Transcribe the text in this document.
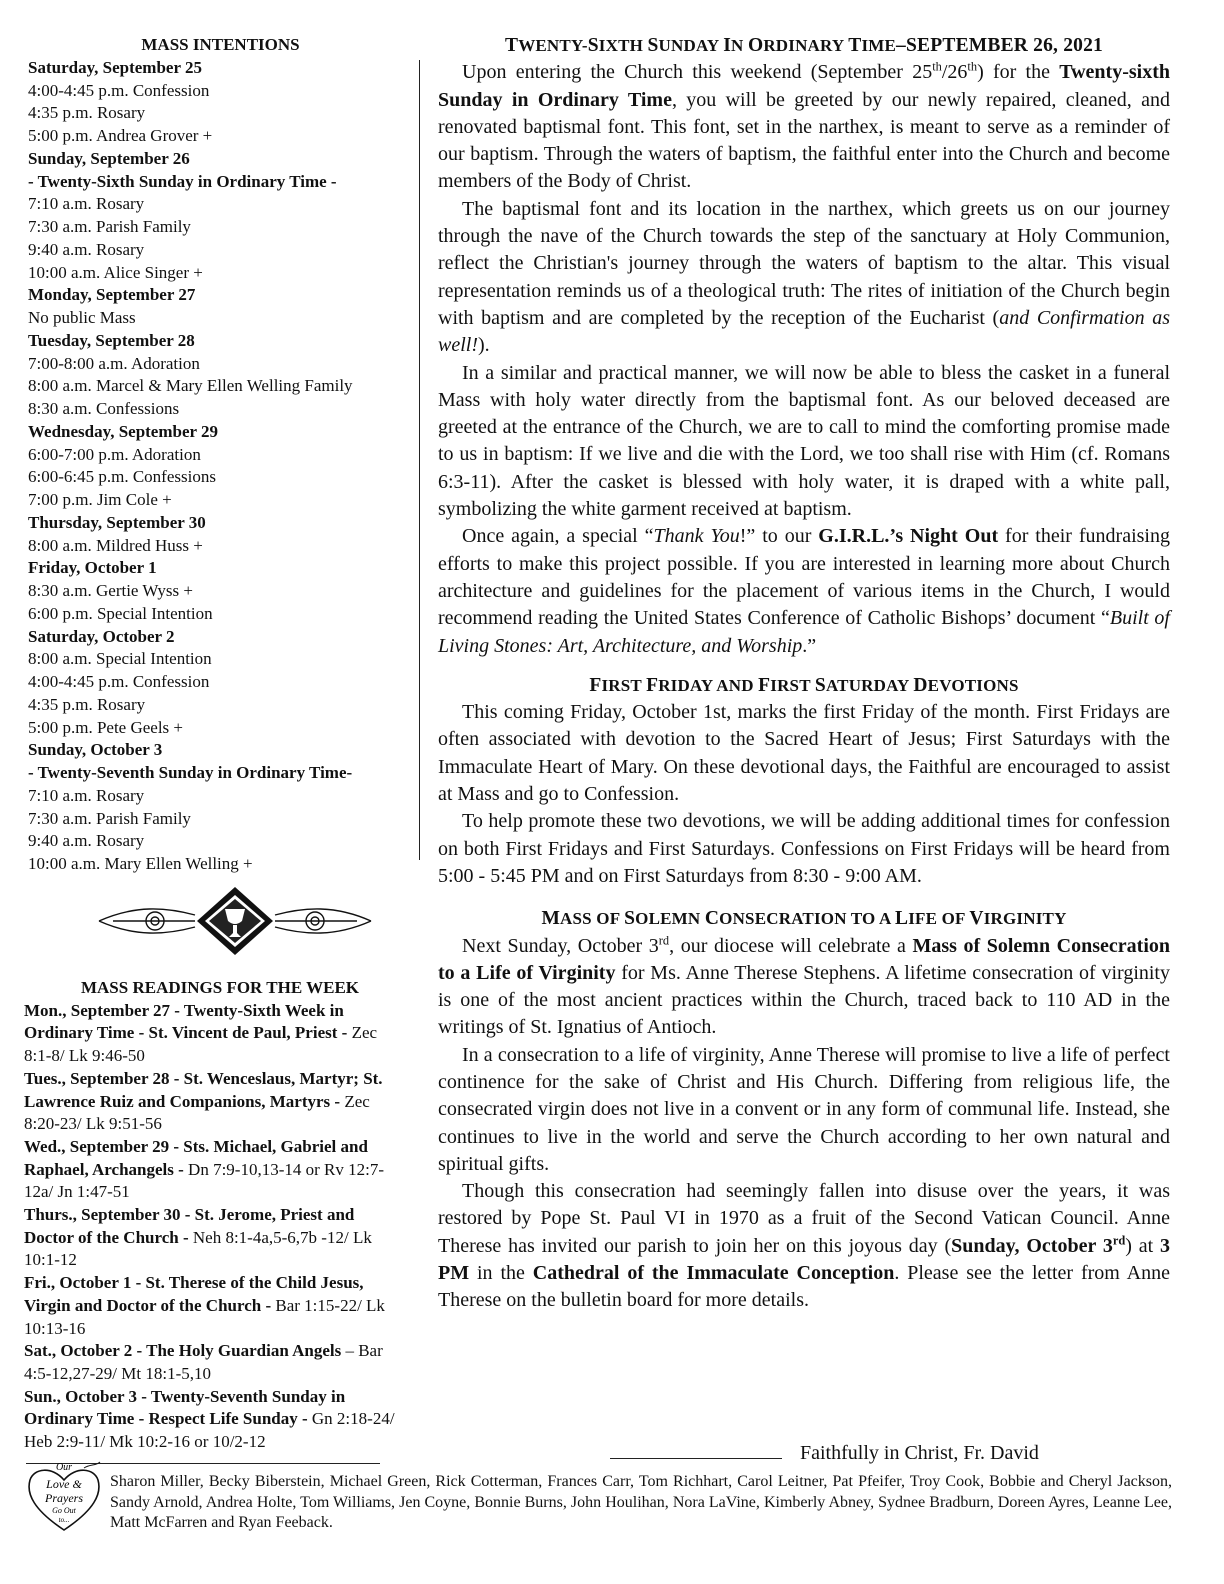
MASS INTENTIONS
Saturday, September 25
4:00-4:45 p.m. Confession
4:35 p.m. Rosary
5:00 p.m. Andrea Grover +
Sunday, September 26
- Twenty-Sixth Sunday in Ordinary Time -
7:10 a.m. Rosary
7:30 a.m. Parish Family
9:40 a.m. Rosary
10:00 a.m. Alice Singer +
Monday, September 27
No public Mass
Tuesday, September 28
7:00-8:00 a.m. Adoration
8:00 a.m. Marcel & Mary Ellen Welling Family
8:30 a.m. Confessions
Wednesday, September 29
6:00-7:00 p.m. Adoration
6:00-6:45 p.m. Confessions
7:00 p.m. Jim Cole +
Thursday, September 30
8:00 a.m. Mildred Huss +
Friday, October 1
8:30 a.m. Gertie Wyss +
6:00 p.m. Special Intention
Saturday, October 2
8:00 a.m. Special Intention
4:00-4:45 p.m. Confession
4:35 p.m. Rosary
5:00 p.m. Pete Geels +
Sunday, October 3
- Twenty-Seventh Sunday in Ordinary Time-
7:10 a.m. Rosary
7:30 a.m. Parish Family
9:40 a.m. Rosary
10:00 a.m. Mary Ellen Welling +
MASS READINGS FOR THE WEEK

Mon., September 27 - Twenty-Sixth Week in Ordinary Time - St. Vincent de Paul, Priest - Zec 8:1-8/ Lk 9:46-50

Tues., September 28 - St. Wenceslaus, Martyr; St. Lawrence Ruiz and Companions, Martyrs - Zec 8:20-23/ Lk 9:51-56

Wed., September 29 - Sts. Michael, Gabriel and Raphael, Archangels - Dn 7:9-10,13-14 or Rv 12:7-12a/ Jn 1:47-51

Thurs., September 30 - St. Jerome, Priest and Doctor of the Church - Neh 8:1-4a,5-6,7b -12/ Lk 10:1-12

Fri., October 1 - St. Therese of the Child Jesus, Virgin and Doctor of the Church - Bar 1:15-22/ Lk 10:13-16

Sat., October 2 - The Holy Guardian Angels – Bar 4:5-12,27-29/ Mt 18:1-5,10

Sun., October 3 - Twenty-Seventh Sunday in Ordinary Time - Respect Life Sunday - Gn 2:18-24/ Heb 2:9-11/ Mk 10:2-16 or 10/2-12

TWENTY-SIXTH SUNDAY IN ORDINARY TIME–SEPTEMBER 26, 2021

Upon entering the Church this weekend (September 25th/26th) for the Twenty-sixth Sunday in Ordinary Time, you will be greeted by our newly repaired, cleaned, and renovated baptismal font. This font, set in the narthex, is meant to serve as a reminder of our baptism. Through the waters of baptism, the faithful enter into the Church and become members of the Body of Christ.

The baptismal font and its location in the narthex, which greets us on our journey through the nave of the Church towards the step of the sanctuary at Holy Communion, reflect the Christian's journey through the waters of baptism to the altar. This visual representation reminds us of a theological truth: The rites of initiation of the Church begin with baptism and are completed by the reception of the Eucharist (and Confirmation as well!).

In a similar and practical manner, we will now be able to bless the casket in a funeral Mass with holy water directly from the baptismal font. As our beloved deceased are greeted at the entrance of the Church, we are to call to mind the comforting promise made to us in baptism: If we live and die with the Lord, we too shall rise with Him (cf. Romans 6:3-11). After the casket is blessed with holy water, it is draped with a white pall, symbolizing the white garment received at baptism.

Once again, a special “Thank You!” to our G.I.R.L.’s Night Out for their fundraising efforts to make this project possible. If you are interested in learning more about Church architecture and guidelines for the placement of various items in the Church, I would recommend reading the United States Conference of Catholic Bishops’ document “Built of Living Stones: Art, Architecture, and Worship.”

FIRST FRIDAY AND FIRST SATURDAY DEVOTIONS

This coming Friday, October 1st, marks the first Friday of the month. First Fridays are often associated with devotion to the Sacred Heart of Jesus; First Saturdays with the Immaculate Heart of Mary. On these devotional days, the Faithful are encouraged to assist at Mass and go to Confession.

To help promote these two devotions, we will be adding additional times for confession on both First Fridays and First Saturdays. Confessions on First Fridays will be heard from 5:00 - 5:45 PM and on First Saturdays from 8:30 - 9:00 AM.

MASS OF SOLEMN CONSECRATION TO A LIFE OF VIRGINITY

Next Sunday, October 3rd, our diocese will celebrate a Mass of Solemn Consecration to a Life of Virginity for Ms. Anne Therese Stephens. A lifetime consecration of virginity is one of the most ancient practices within the Church, traced back to 110 AD in the writings of St. Ignatius of Antioch.

In a consecration to a life of virginity, Anne Therese will promise to live a life of perfect continence for the sake of Christ and His Church. Differing from religious life, the consecrated virgin does not live in a convent or in any form of communal life. Instead, she continues to live in the world and serve the Church according to her own natural and spiritual gifts.

Though this consecration had seemingly fallen into disuse over the years, it was restored by Pope St. Paul VI in 1970 as a fruit of the Second Vatican Council. Anne Therese has invited our parish to join her on this joyous day (Sunday, October 3rd) at 3 PM in the Cathedral of the Immaculate Conception. Please see the letter from Anne Therese on the bulletin board for more details.

Faithfully in Christ, Fr. David
Our
Love &
Prayers
Go Out
to...
Sharon Miller, Becky Biberstein, Michael Green, Rick Cotterman, Frances Carr, Tom Richhart, Carol Leitner, Pat Pfeifer, Troy Cook, Bobbie and Cheryl Jackson, Sandy Arnold, Andrea Holte, Tom Williams, Jen Coyne, Bonnie Burns, John Houlihan, Nora LaVine, Kimberly Abney, Sydnee Bradburn, Doreen Ayres, Leanne Lee, Matt McFarren and Ryan Feeback.
